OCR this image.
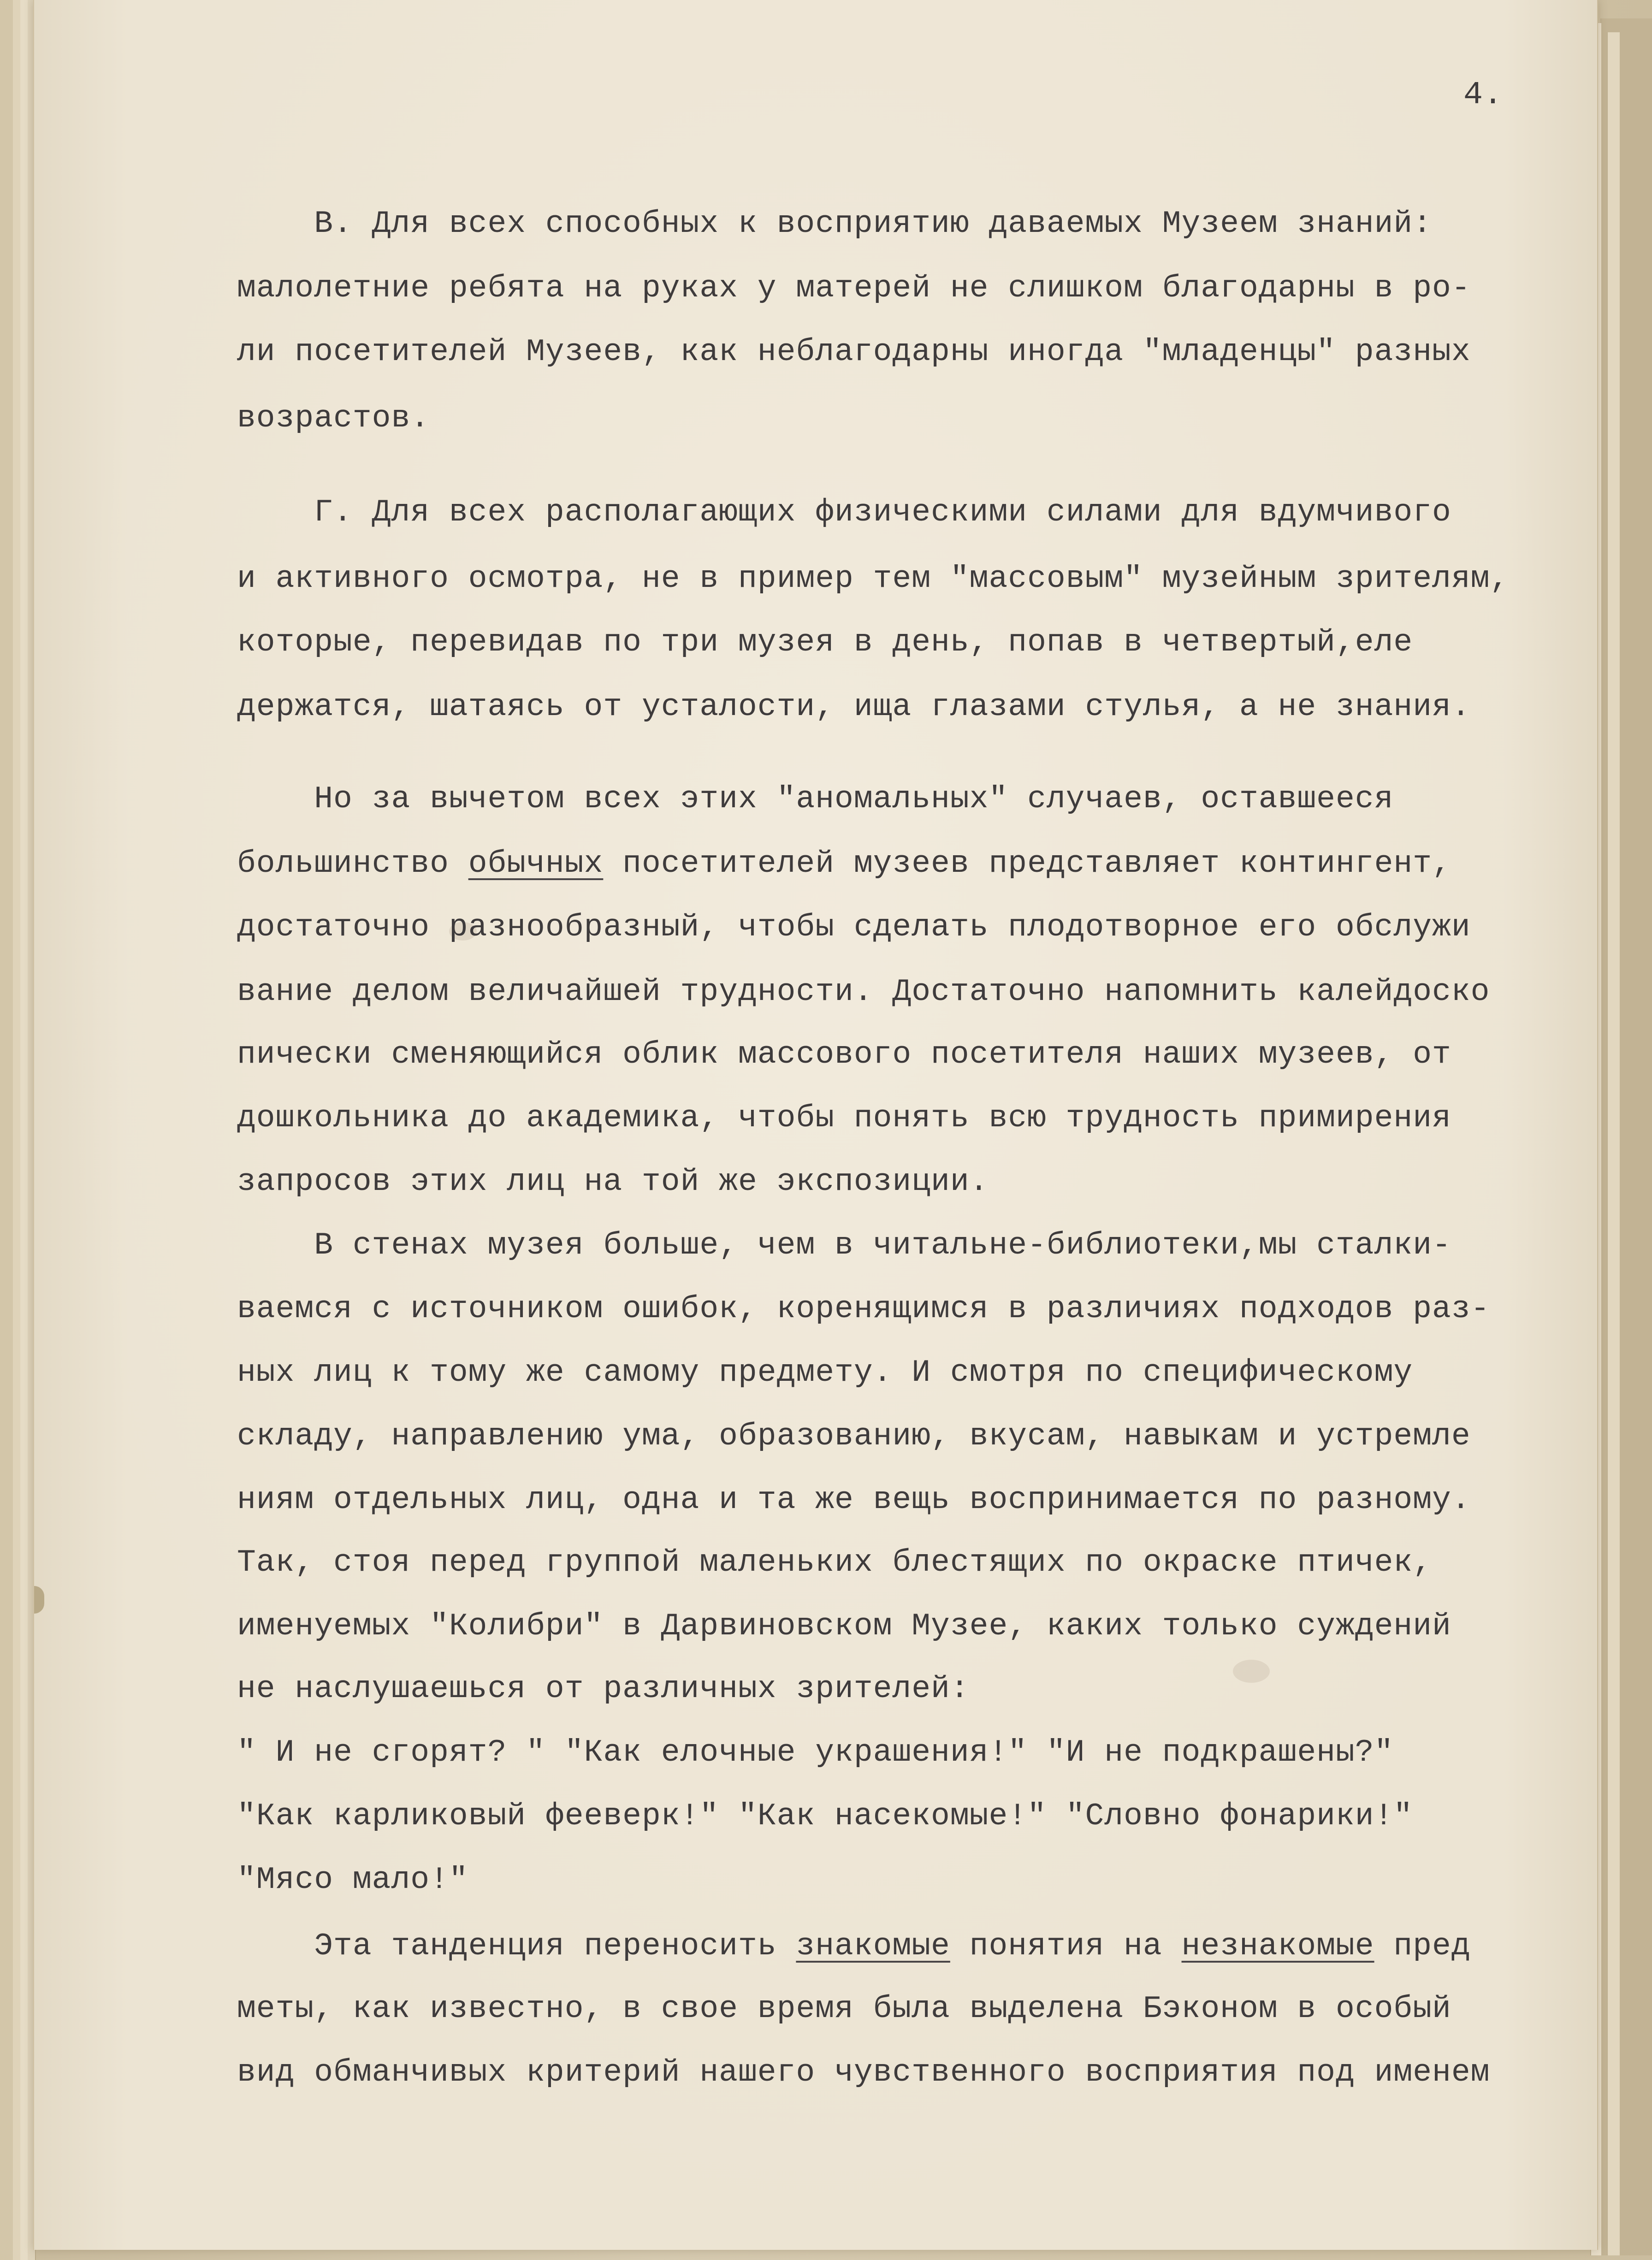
4.
В. Для всех способных к восприятию даваемых Музеем знаний:
малолетние ребята на руках у матерей не слишком благодарны в ро-
ли посетителей Музеев, как неблагодарны иногда "младенцы" разных
возрастов.
Г. Для всех располагающих физическими силами для вдумчивого
и активного осмотра, не в пример тем "массовым" музейным зрителям,
которые, перевидав по три музея в день, попав в четвертый,еле
держатся, шатаясь от усталости, ища глазами стулья, а не знания.
Но за вычетом всех этих "аномальных" случаев, оставшееся
большинство обычных посетителей музеев представляет контингент,
достаточно разнообразный, чтобы сделать плодотворное его обслужи
вание делом величайшей трудности. Достаточно напомнить калейдоско
пически сменяющийся облик массового посетителя наших музеев, от
дошкольника до академика, чтобы понять всю трудность примирения
запросов этих лиц на той же экспозиции.
В стенах музея больше, чем в читальне-библиотеки,мы сталки-
ваемся с источником ошибок, коренящимся в различиях подходов раз-
ных лиц к тому же самому предмету. И смотря по специфическому
складу, направлению ума, образованию, вкусам, навыкам и устремле
ниям отдельных лиц, одна и та же вещь воспринимается по разному.
Так, стоя перед группой маленьких блестящих по окраске птичек,
именуемых "Колибри" в Дарвиновском Музее, каких только суждений
не наслушаешься от различных зрителей:
" И не сгорят? " "Как елочные украшения!" "И не подкрашены?"
"Как карликовый фееверк!" "Как насекомые!" "Словно фонарики!"
"Мясо мало!"
Эта танденция переносить знакомые понятия на незнакомые пред
меты, как известно, в свое время была выделена Бэконом в особый
вид обманчивых критерий нашего чувственного восприятия под именем
